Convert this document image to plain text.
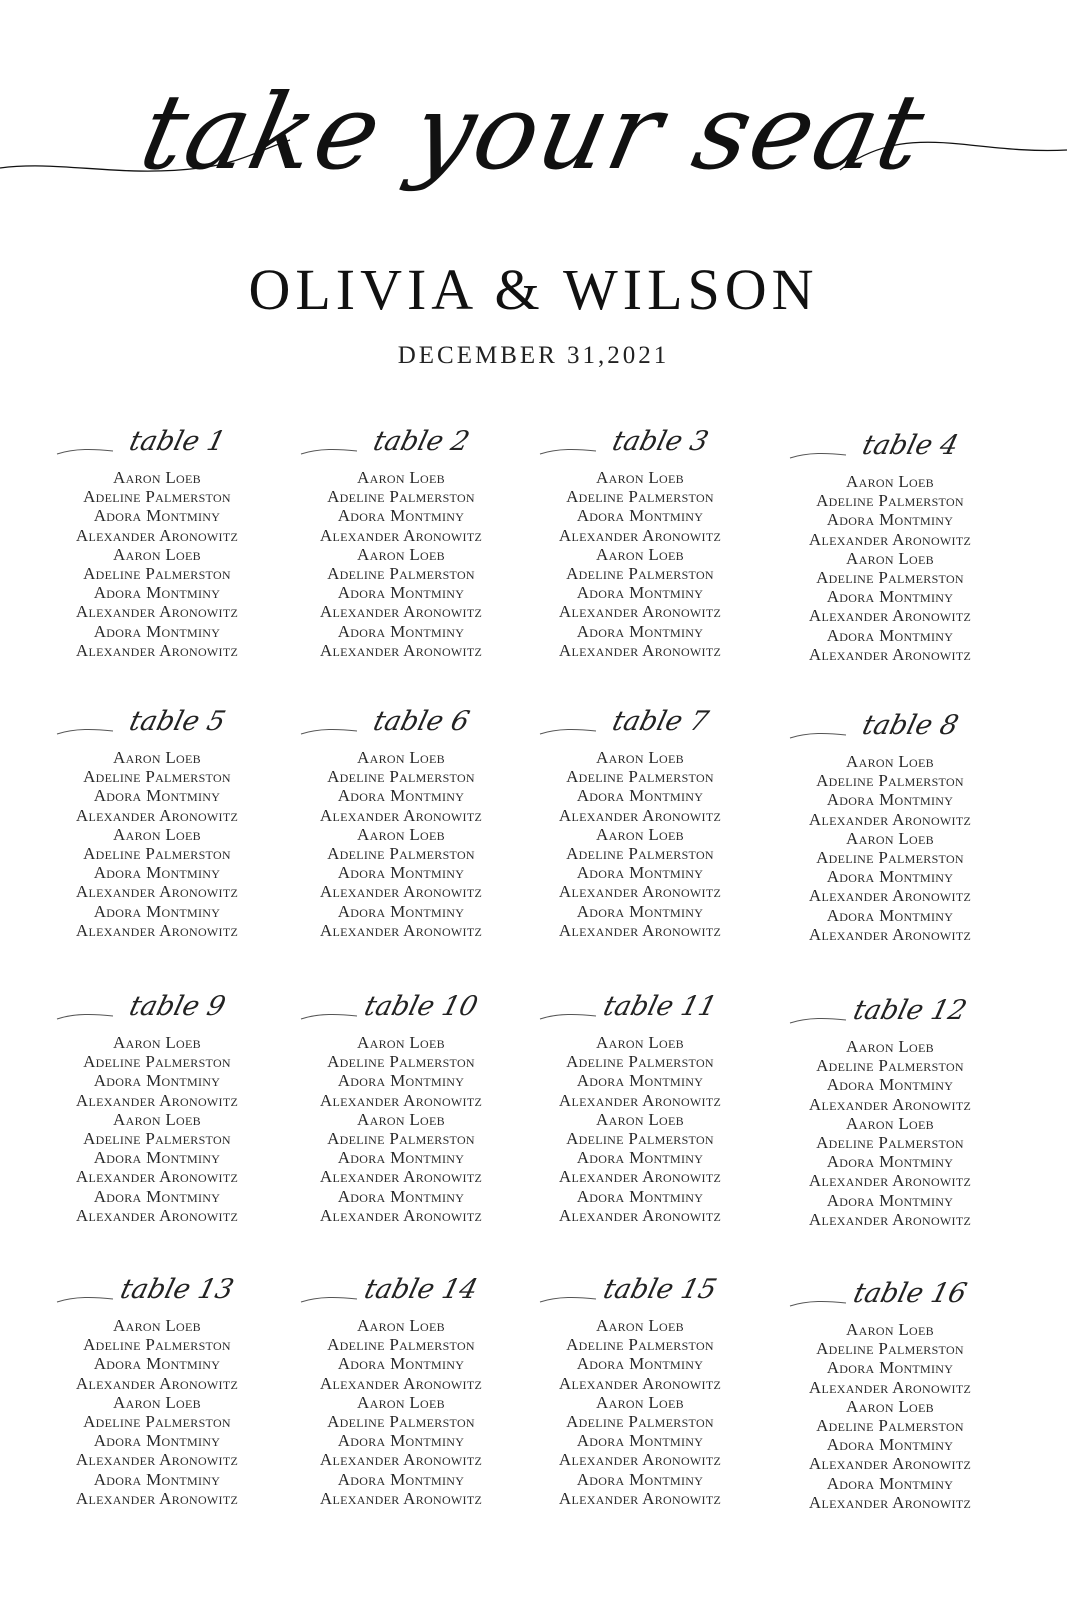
take your seat
OLIVIA & WILSON
DECEMBER 31,2021
table 1
Aaron Loeb
Adeline Palmerston
Adora Montminy
Alexander Aronowitz
Aaron Loeb
Adeline Palmerston
Adora Montminy
Alexander Aronowitz
Adora Montminy
Alexander Aronowitz
table 2
Aaron Loeb
Adeline Palmerston
Adora Montminy
Alexander Aronowitz
Aaron Loeb
Adeline Palmerston
Adora Montminy
Alexander Aronowitz
Adora Montminy
Alexander Aronowitz
table 3
Aaron Loeb
Adeline Palmerston
Adora Montminy
Alexander Aronowitz
Aaron Loeb
Adeline Palmerston
Adora Montminy
Alexander Aronowitz
Adora Montminy
Alexander Aronowitz
table 4
Aaron Loeb
Adeline Palmerston
Adora Montminy
Alexander Aronowitz
Aaron Loeb
Adeline Palmerston
Adora Montminy
Alexander Aronowitz
Adora Montminy
Alexander Aronowitz
table 5
Aaron Loeb
Adeline Palmerston
Adora Montminy
Alexander Aronowitz
Aaron Loeb
Adeline Palmerston
Adora Montminy
Alexander Aronowitz
Adora Montminy
Alexander Aronowitz
table 6
Aaron Loeb
Adeline Palmerston
Adora Montminy
Alexander Aronowitz
Aaron Loeb
Adeline Palmerston
Adora Montminy
Alexander Aronowitz
Adora Montminy
Alexander Aronowitz
table 7
Aaron Loeb
Adeline Palmerston
Adora Montminy
Alexander Aronowitz
Aaron Loeb
Adeline Palmerston
Adora Montminy
Alexander Aronowitz
Adora Montminy
Alexander Aronowitz
table 8
Aaron Loeb
Adeline Palmerston
Adora Montminy
Alexander Aronowitz
Aaron Loeb
Adeline Palmerston
Adora Montminy
Alexander Aronowitz
Adora Montminy
Alexander Aronowitz
table 9
Aaron Loeb
Adeline Palmerston
Adora Montminy
Alexander Aronowitz
Aaron Loeb
Adeline Palmerston
Adora Montminy
Alexander Aronowitz
Adora Montminy
Alexander Aronowitz
table 10
Aaron Loeb
Adeline Palmerston
Adora Montminy
Alexander Aronowitz
Aaron Loeb
Adeline Palmerston
Adora Montminy
Alexander Aronowitz
Adora Montminy
Alexander Aronowitz
table 11
Aaron Loeb
Adeline Palmerston
Adora Montminy
Alexander Aronowitz
Aaron Loeb
Adeline Palmerston
Adora Montminy
Alexander Aronowitz
Adora Montminy
Alexander Aronowitz
table 12
Aaron Loeb
Adeline Palmerston
Adora Montminy
Alexander Aronowitz
Aaron Loeb
Adeline Palmerston
Adora Montminy
Alexander Aronowitz
Adora Montminy
Alexander Aronowitz
table 13
Aaron Loeb
Adeline Palmerston
Adora Montminy
Alexander Aronowitz
Aaron Loeb
Adeline Palmerston
Adora Montminy
Alexander Aronowitz
Adora Montminy
Alexander Aronowitz
table 14
Aaron Loeb
Adeline Palmerston
Adora Montminy
Alexander Aronowitz
Aaron Loeb
Adeline Palmerston
Adora Montminy
Alexander Aronowitz
Adora Montminy
Alexander Aronowitz
table 15
Aaron Loeb
Adeline Palmerston
Adora Montminy
Alexander Aronowitz
Aaron Loeb
Adeline Palmerston
Adora Montminy
Alexander Aronowitz
Adora Montminy
Alexander Aronowitz
table 16
Aaron Loeb
Adeline Palmerston
Adora Montminy
Alexander Aronowitz
Aaron Loeb
Adeline Palmerston
Adora Montminy
Alexander Aronowitz
Adora Montminy
Alexander Aronowitz
